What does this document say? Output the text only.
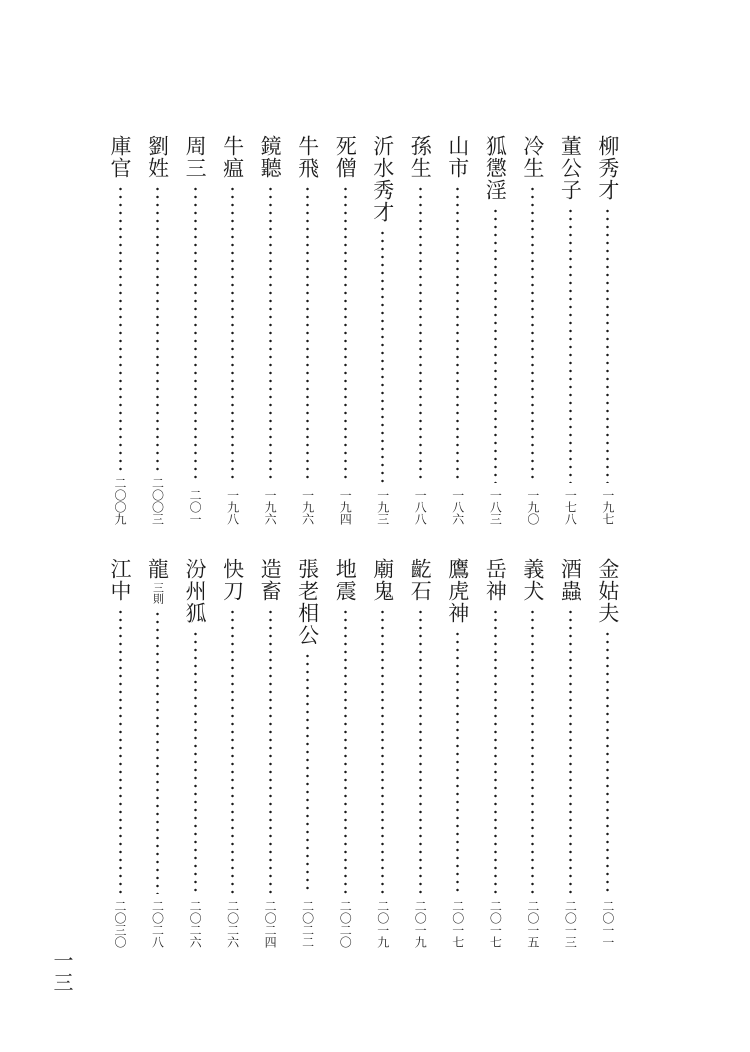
柳秀才
一九七
董公子
一七八
冷生
一九〇
狐懲淫
一八三
山市
一八六
孫生
一八八
沂水秀才
一九三
死僧
一九四
牛飛
一九六
鏡聽
一九六
牛瘟
一九八
周三
二〇一
劉姓
二〇〇三
庫官
二〇〇九
金姑夫
二〇一一
酒蟲
二〇一三
義犬
二〇一五
岳神
二〇一七
鷹虎神
二〇一七
齕石
二〇一九
廟鬼
二〇一九
地震
二〇二〇
張老相公
二〇二二
造畜
二〇二四
快刀
二〇二六
汾州狐
二〇二六
龍
三則
二〇二八
江中
二〇三〇
一三
